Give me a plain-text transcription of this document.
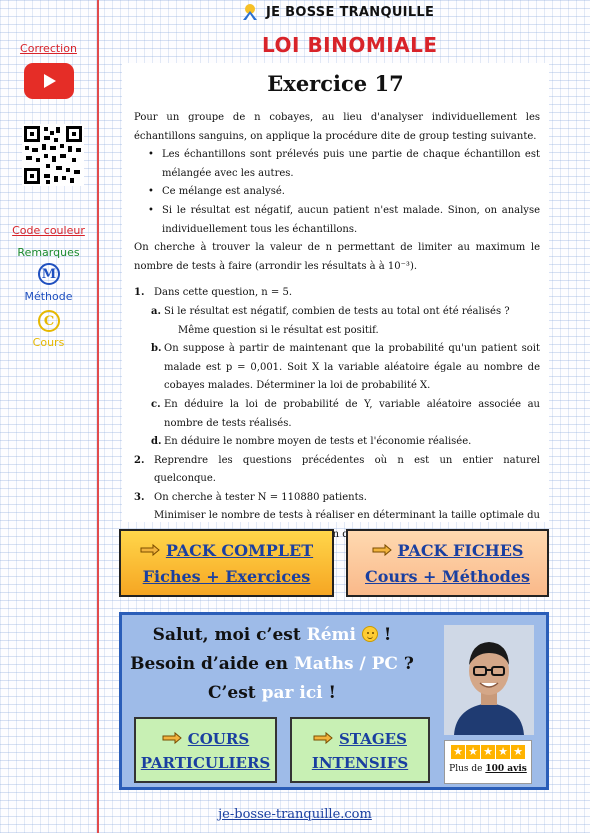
JE BOSSE TRANQUILLE
LOI BINOMIALE
Correction
Code couleur
Remarques
M
Méthode
C
Cours
Exercice 17

Pour un groupe de n cobayes, au lieu d'analyser individuellement les échantillons sanguins, on applique la procédure dite de group testing suivante.

• Les échantillons sont prélevés puis une partie de chaque échantillon est mélangée avec les autres.

• Ce mélange est analysé.

• Si le résultat est négatif, aucun patient n'est malade. Sinon, on analyse individuellement tous les échantillons.

On cherche à trouver la valeur de n permettant de limiter au maximum le nombre de tests à faire (arrondir les résultats à à 10⁻³).

1. Dans cette question, n = 5.

a. Si le résultat est négatif, combien de tests au total ont été réalisés ?

Même question si le résultat est positif.

b. On suppose à partir de maintenant que la probabilité qu'un patient soit malade est p = 0,001. Soit X la variable aléatoire égale au nombre de cobayes malades. Déterminer la loi de probabilité X.

c. En déduire la loi de probabilité de Y, variable aléatoire associée au nombre de tests réalisés.

d. En déduire le nombre moyen de tests et l'économie réalisée.

2. Reprendre les questions précédentes où n est un entier naturel quelconque.

3. On cherche à tester N = 110880 patients.

Minimiser le nombre de tests à réaliser en déterminant la taille optimale du n

PACK COMPLET
Fiches + Exercices
PACK FICHES
Cours + Méthodes
Salut, moi c’est Rémi  !
Besoin d’aide en Maths / PC ?
C’est par ici !
COURS
PARTICULIERS
STAGES
INTENSIFS
★ ★ ★ ★ ★
Plus de 100 avis
je-bosse-tranquille.com
